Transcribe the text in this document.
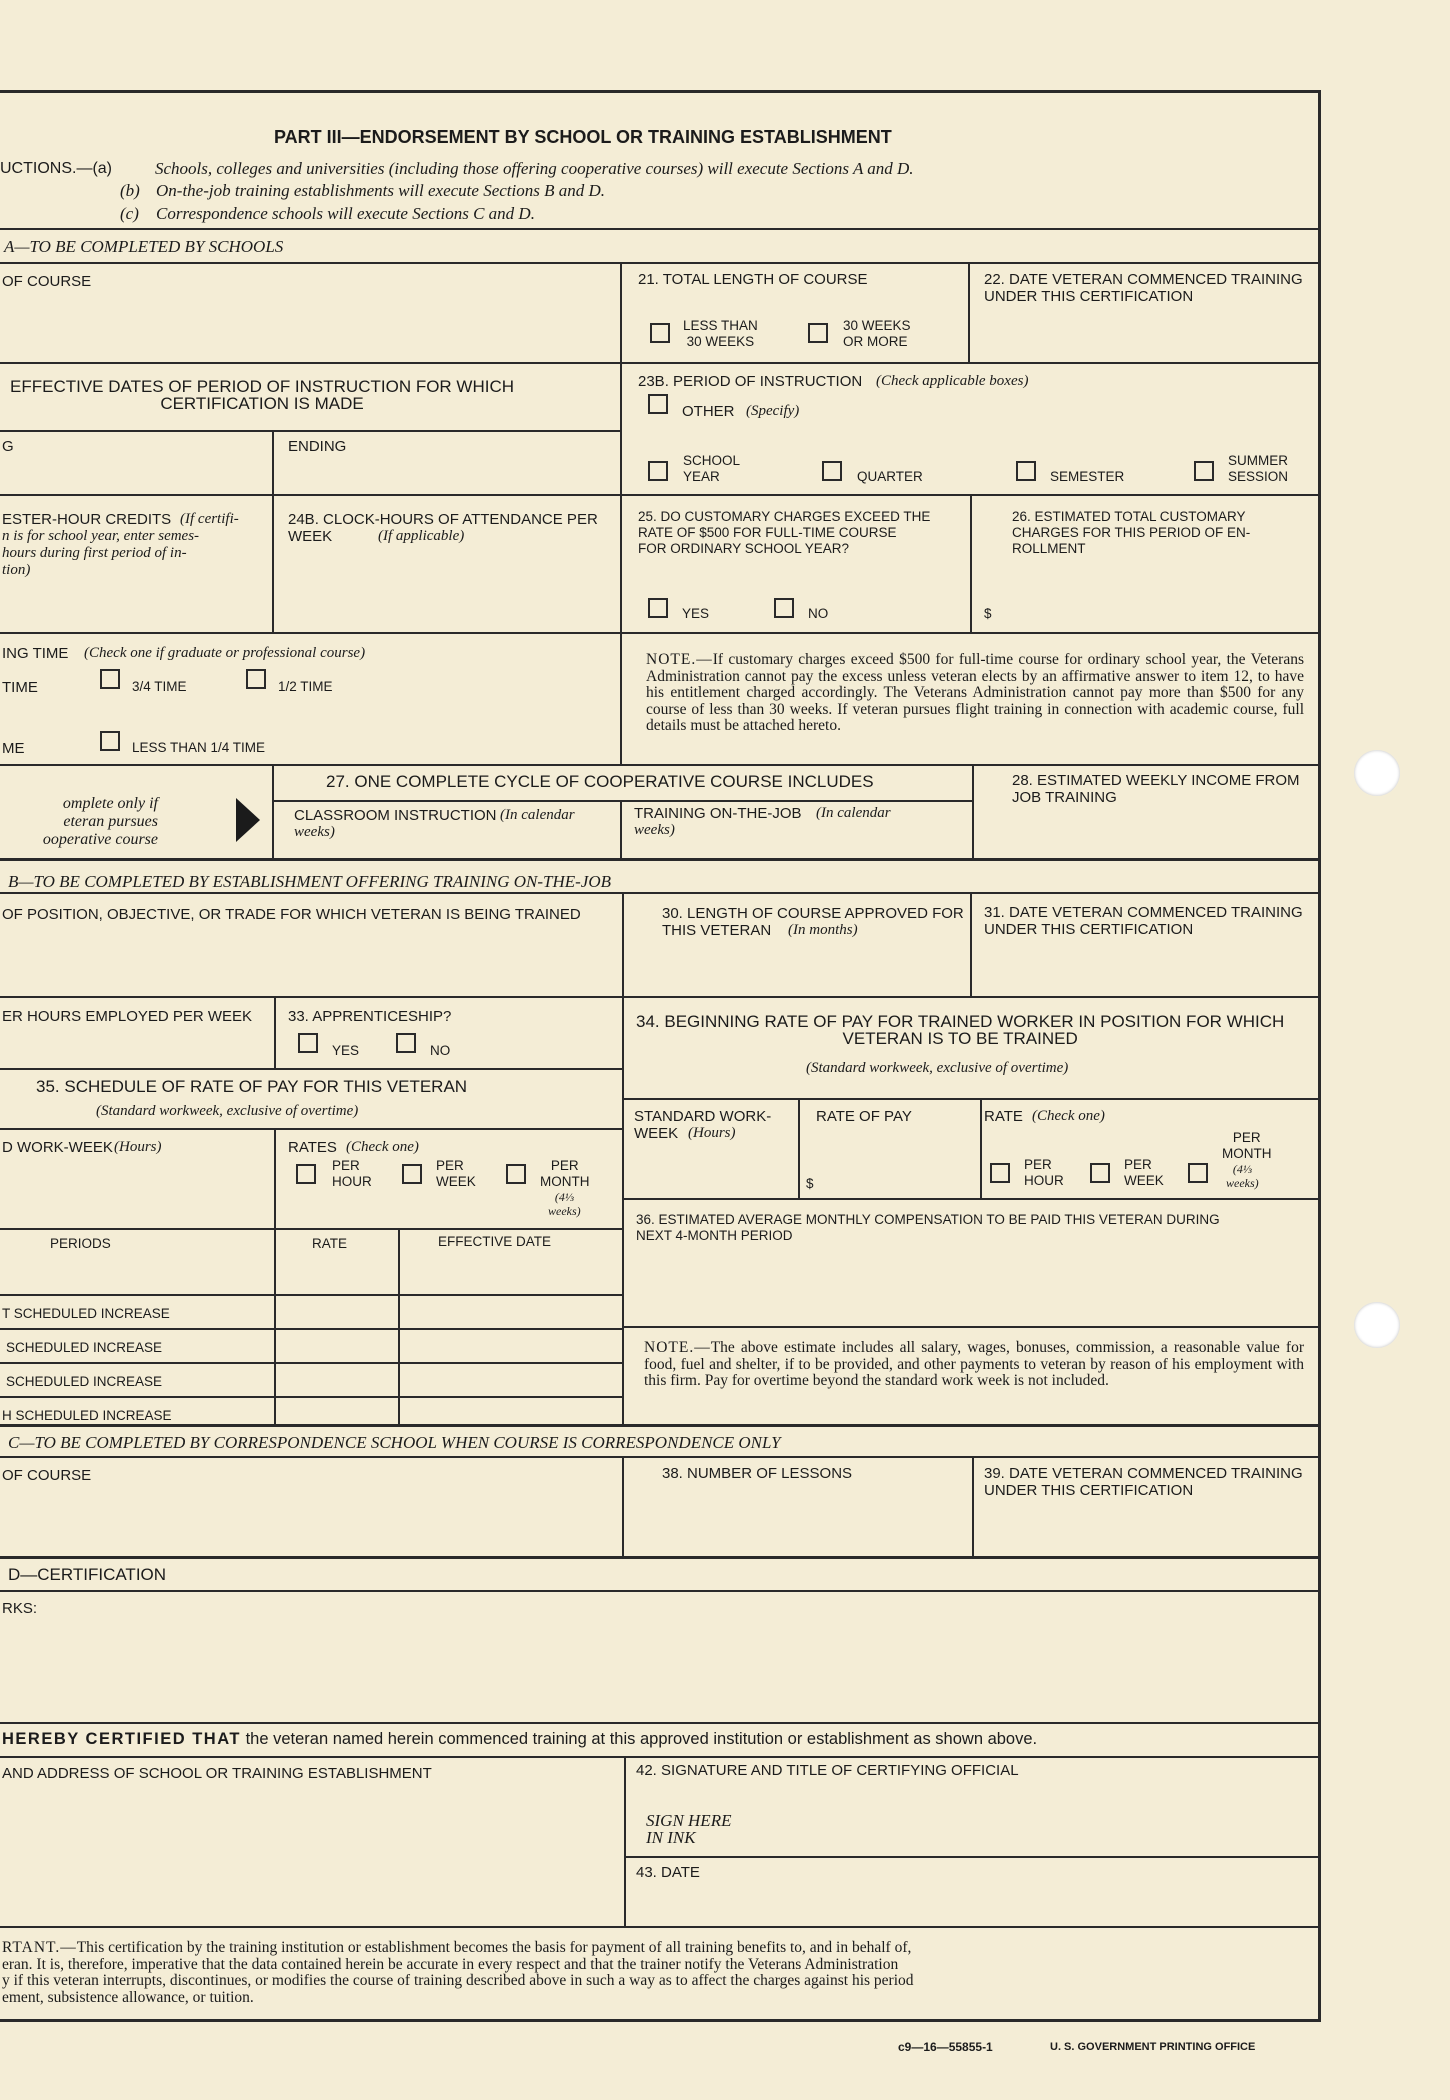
PART III—ENDORSEMENT BY SCHOOL OR TRAINING ESTABLISHMENT
UCTIONS.—(a)	Schools, colleges and universities (including those offering cooperative courses) will execute Sections A and D.
(b) On-the-job training establishments will execute Sections B and D.
(c) Correspondence schools will execute Sections C and D.
A—TO BE COMPLETED BY SCHOOLS
OF COURSE	21. TOTAL LENGTH OF COURSE
LESS THAN
30 WEEKS
30 WEEKS
OR MORE
22. DATE VETERAN COMMENCED TRAINING
UNDER THIS CERTIFICATION
EFFECTIVE DATES OF PERIOD OF INSTRUCTION FOR WHICH
CERTIFICATION IS MADE
23B. PERIOD OF INSTRUCTION (Check applicable boxes)
OTHER (Specify)
G	ENDING
SCHOOL
YEAR	QUARTER	SEMESTER
SUMMER
SESSION
ESTER-HOUR CREDITS (If certifi-
n is for school year, enter semes-
hours during first period of in-
tion)
24B. CLOCK-HOURS OF ATTENDANCE PER
WEEK	(If applicable)
25. DO CUSTOMARY CHARGES EXCEED THE
RATE OF $500 FOR FULL-TIME COURSE
FOR ORDINARY SCHOOL YEAR?
YES	NO
26. ESTIMATED TOTAL CUSTOMARY
CHARGES FOR THIS PERIOD OF EN-
ROLLMENT
$
ING TIME (Check one if graduate or professional course)
TIME	3/4 TIME	1/2 TIME
ME	LESS THAN 1/4 TIME
NOTE.—If customary charges exceed $500 for full-time course for ordinary school year, the Veterans Administration cannot pay the excess unless veteran elects by an affirmative answer to item 12, to have his entitlement charged accordingly. The Veterans Administration cannot pay more than $500 for any course of less than 30 weeks. If veteran pursues flight training in connection with academic course, full details must be attached hereto.
omplete only if
eteran pursues
ooperative course
27. ONE COMPLETE CYCLE OF COOPERATIVE COURSE INCLUDES
CLASSROOM INSTRUCTION (In calendar
weeks)
TRAINING ON-THE-JOB (In calendar
weeks)
28. ESTIMATED WEEKLY INCOME FROM
JOB TRAINING
B—TO BE COMPLETED BY ESTABLISHMENT OFFERING TRAINING ON-THE-JOB
OF POSITION, OBJECTIVE, OR TRADE FOR WHICH VETERAN IS BEING TRAINED	30. LENGTH OF COURSE APPROVED FOR
THIS VETERAN	(In months)
31. DATE VETERAN COMMENCED TRAINING
UNDER THIS CERTIFICATION
ER HOURS EMPLOYED PER WEEK 33. APPRENTICESHIP?
YES	NO
34. BEGINNING RATE OF PAY FOR TRAINED WORKER IN POSITION FOR WHICH
VETERAN IS TO BE TRAINED
(Standard workweek, exclusive of overtime)
STANDARD WORK-
WEEK (Hours)
RATE OF PAY
$
RATE (Check one)
PER
HOUR
PER
WEEK
PER
MONTH
(4⅓
weeks)
35. SCHEDULE OF RATE OF PAY FOR THIS VETERAN
(Standard workweek, exclusive of overtime)
D WORK-WEEK (Hours)	RATES (Check one)
PER
HOUR
PER
WEEK
PER
MONTH
(4⅓
weeks)
PERIODS	RATE	EFFECTIVE DATE
T SCHEDULED INCREASE
SCHEDULED INCREASE
SCHEDULED INCREASE
H SCHEDULED INCREASE
36. ESTIMATED AVERAGE MONTHLY COMPENSATION TO BE PAID THIS VETERAN DURING
NEXT 4-MONTH PERIOD
NOTE.—The above estimate includes all salary, wages, bonuses, commission, a reasonable value for food, fuel and shelter, if to be provided, and other payments to veteran by reason of his employment with this firm. Pay for overtime beyond the standard work week is not included.
C—TO BE COMPLETED BY CORRESPONDENCE SCHOOL WHEN COURSE IS CORRESPONDENCE ONLY
OF COURSE	38. NUMBER OF LESSONS	39. DATE VETERAN COMMENCED TRAINING
UNDER THIS CERTIFICATION
D—CERTIFICATION
RKS:
HEREBY CERTIFIED THAT the veteran named herein commenced training at this approved institution or establishment as shown above.
AND ADDRESS OF SCHOOL OR TRAINING ESTABLISHMENT	42. SIGNATURE AND TITLE OF CERTIFYING OFFICIAL
SIGN HERE
IN INK
43. DATE
RTANT.—This certification by the training institution or establishment becomes the basis for payment of all training benefits to, and in behalf of,
eran. It is, therefore, imperative that the data contained herein be accurate in every respect and that the trainer notify the Veterans Administration
y if this veteran interrupts, discontinues, or modifies the course of training described above in such a way as to affect the charges against his period
ement, subsistence allowance, or tuition.
c9—16—55855-1	U. S. GOVERNMENT PRINTING OFFICE
